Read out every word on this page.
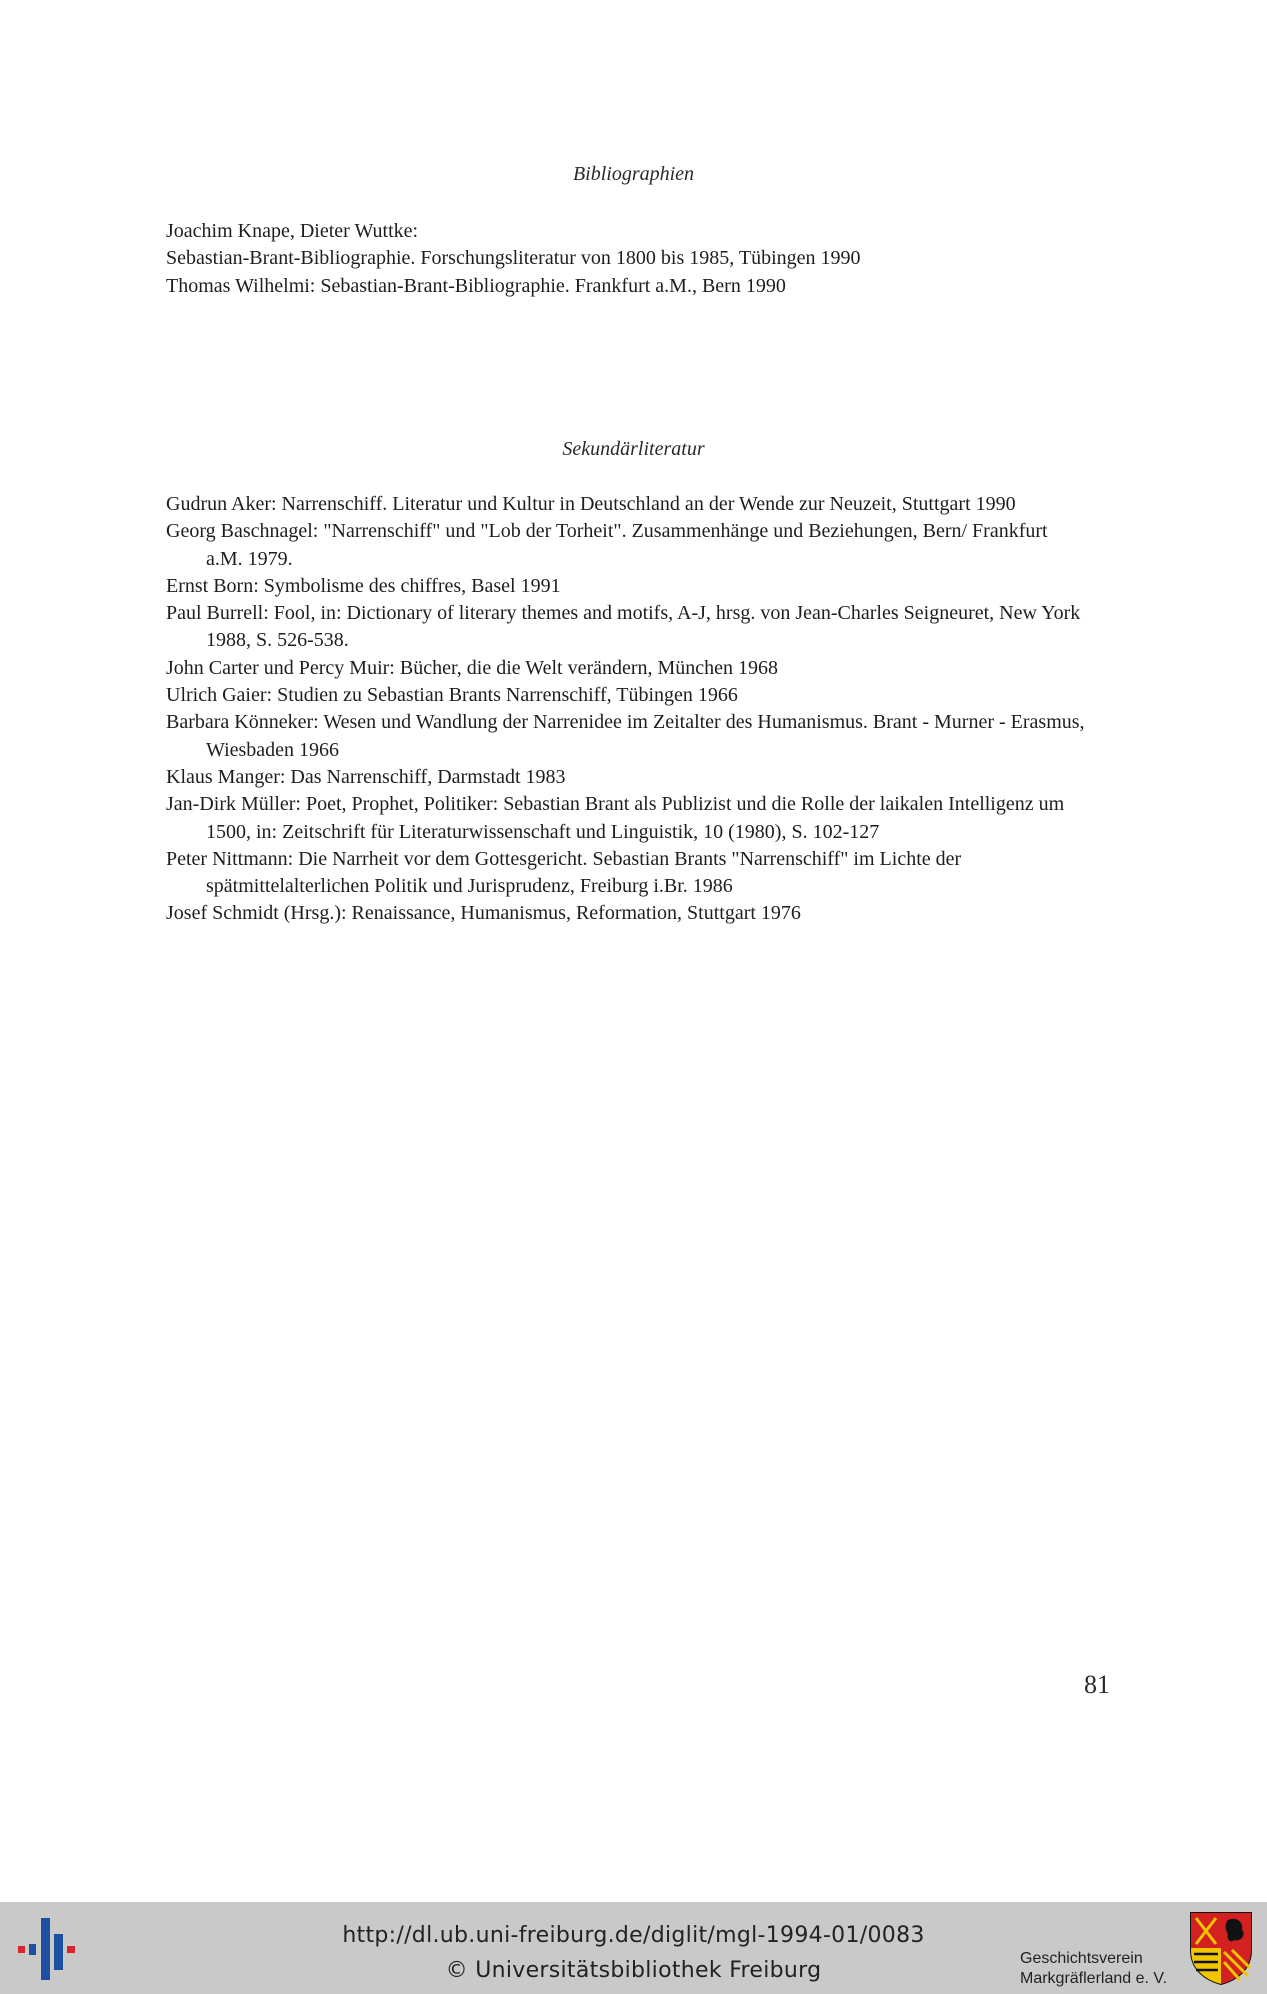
Bibliographien
Joachim Knape, Dieter Wuttke:
Sebastian-Brant-Bibliographie. Forschungsliteratur von 1800 bis 1985, Tübingen 1990
Thomas Wilhelmi: Sebastian-Brant-Bibliographie. Frankfurt a.M., Bern 1990
Sekundärliteratur
Gudrun Aker: Narrenschiff. Literatur und Kultur in Deutschland an der Wende zur Neuzeit, Stuttgart 1990
Georg Baschnagel: "Narrenschiff" und "Lob der Torheit". Zusammenhänge und Beziehungen, Bern/ Frankfurt a.M. 1979.
Ernst Born: Symbolisme des chiffres, Basel 1991
Paul Burrell: Fool, in: Dictionary of literary themes and motifs, A-J, hrsg. von Jean-Charles Seigneuret, New York 1988, S. 526-538.
John Carter und Percy Muir: Bücher, die die Welt verändern, München 1968
Ulrich Gaier: Studien zu Sebastian Brants Narrenschiff, Tübingen 1966
Barbara Könneker: Wesen und Wandlung der Narrenidee im Zeitalter des Humanismus. Brant - Murner - Erasmus, Wiesbaden 1966
Klaus Manger: Das Narrenschiff, Darmstadt 1983
Jan-Dirk Müller: Poet, Prophet, Politiker: Sebastian Brant als Publizist und die Rolle der laikalen Intelligenz um 1500, in: Zeitschrift für Literaturwissenschaft und Linguistik, 10 (1980), S. 102-127
Peter Nittmann: Die Narrheit vor dem Gottesgericht. Sebastian Brants "Narrenschiff" im Lichte der spätmittelalterlichen Politik und Jurisprudenz, Freiburg i.Br. 1986
Josef Schmidt (Hrsg.): Renaissance, Humanismus, Reformation, Stuttgart 1976
81
http://dl.ub.uni-freiburg.de/diglit/mgl-1994-01/0083
© Universitätsbibliothek Freiburg	Geschichtsverein
Markgräflerland e. V.
